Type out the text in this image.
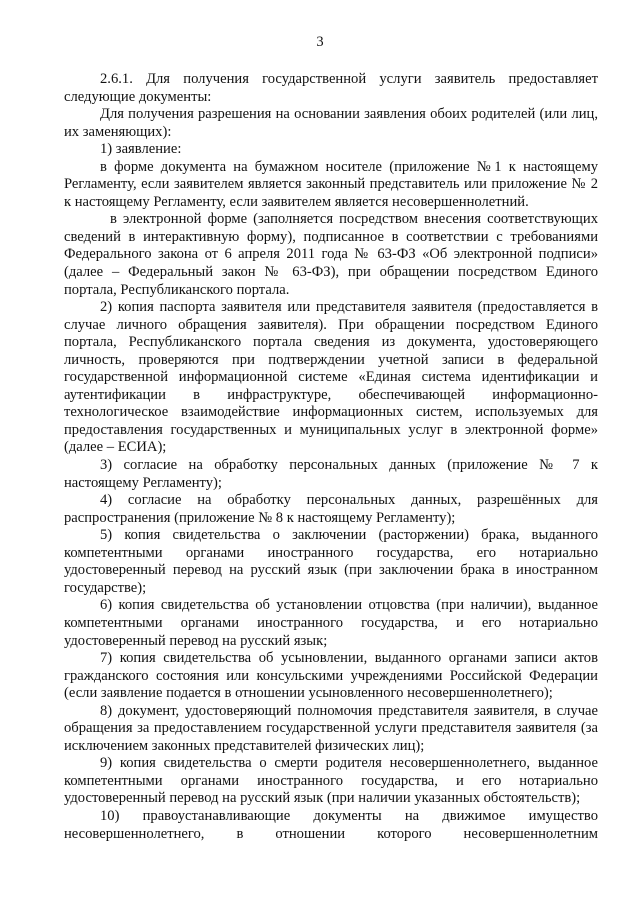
3

2.6.1. Для получения государственной услуги заявитель предоставляет следующие документы:

Для получения разрешения на основании заявления обоих родителей (или лиц, их заменяющих):

1) заявление:

в форме документа на бумажном носителе (приложение №1 к настоящему Регламенту, если заявителем является законный представитель или приложение № 2 к настоящему Регламенту, если заявителем является несовершеннолетний.

в электронной форме (заполняется посредством внесения соответствующих сведений в интерактивную форму), подписанное в соответствии с требованиями Федерального закона от 6 апреля 2011 года № 63-ФЗ «Об электронной подписи» (далее – Федеральный закон № 63-ФЗ), при обращении посредством Единого портала, Республиканского портала.

2) копия паспорта заявителя или представителя заявителя (предоставляется в случае личного обращения заявителя). При обращении посредством Единого портала, Республиканского портала сведения из документа, удостоверяющего личность, проверяются при подтверждении учетной записи в федеральной государственной информационной системе «Единая система идентификации и аутентификации в инфраструктуре, обеспечивающей информационно-технологическое взаимодействие информационных систем, используемых для предоставления государственных и муниципальных услуг в электронной форме» (далее – ЕСИА);

3) согласие на обработку персональных данных (приложение № 7 к настоящему Регламенту);

4) согласие на обработку персональных данных, разрешённых для распространения (приложение № 8 к настоящему Регламенту);

5) копия свидетельства о заключении (расторжении) брака, выданного компетентными органами иностранного государства, его нотариально удостоверенный перевод на русский язык (при заключении брака в иностранном государстве);

6) копия свидетельства об установлении отцовства (при наличии), выданное компетентными органами иностранного государства, и его нотариально удостоверенный перевод на русский язык;

7) копия свидетельства об усыновлении, выданного органами записи актов гражданского состояния или консульскими учреждениями Российской Федерации (если заявление подается в отношении усыновленного несовершеннолетнего);

8) документ, удостоверяющий полномочия представителя заявителя, в случае обращения за предоставлением государственной услуги представителя заявителя (за исключением законных представителей физических лиц);

9) копия свидетельства о смерти родителя несовершеннолетнего, выданное компетентными органами иностранного государства, и его нотариально удостоверенный перевод на русский язык (при наличии указанных обстоятельств);

10) правоустанавливающие документы на движимое имущество несовершеннолетнего, в отношении которого несовершеннолетним
